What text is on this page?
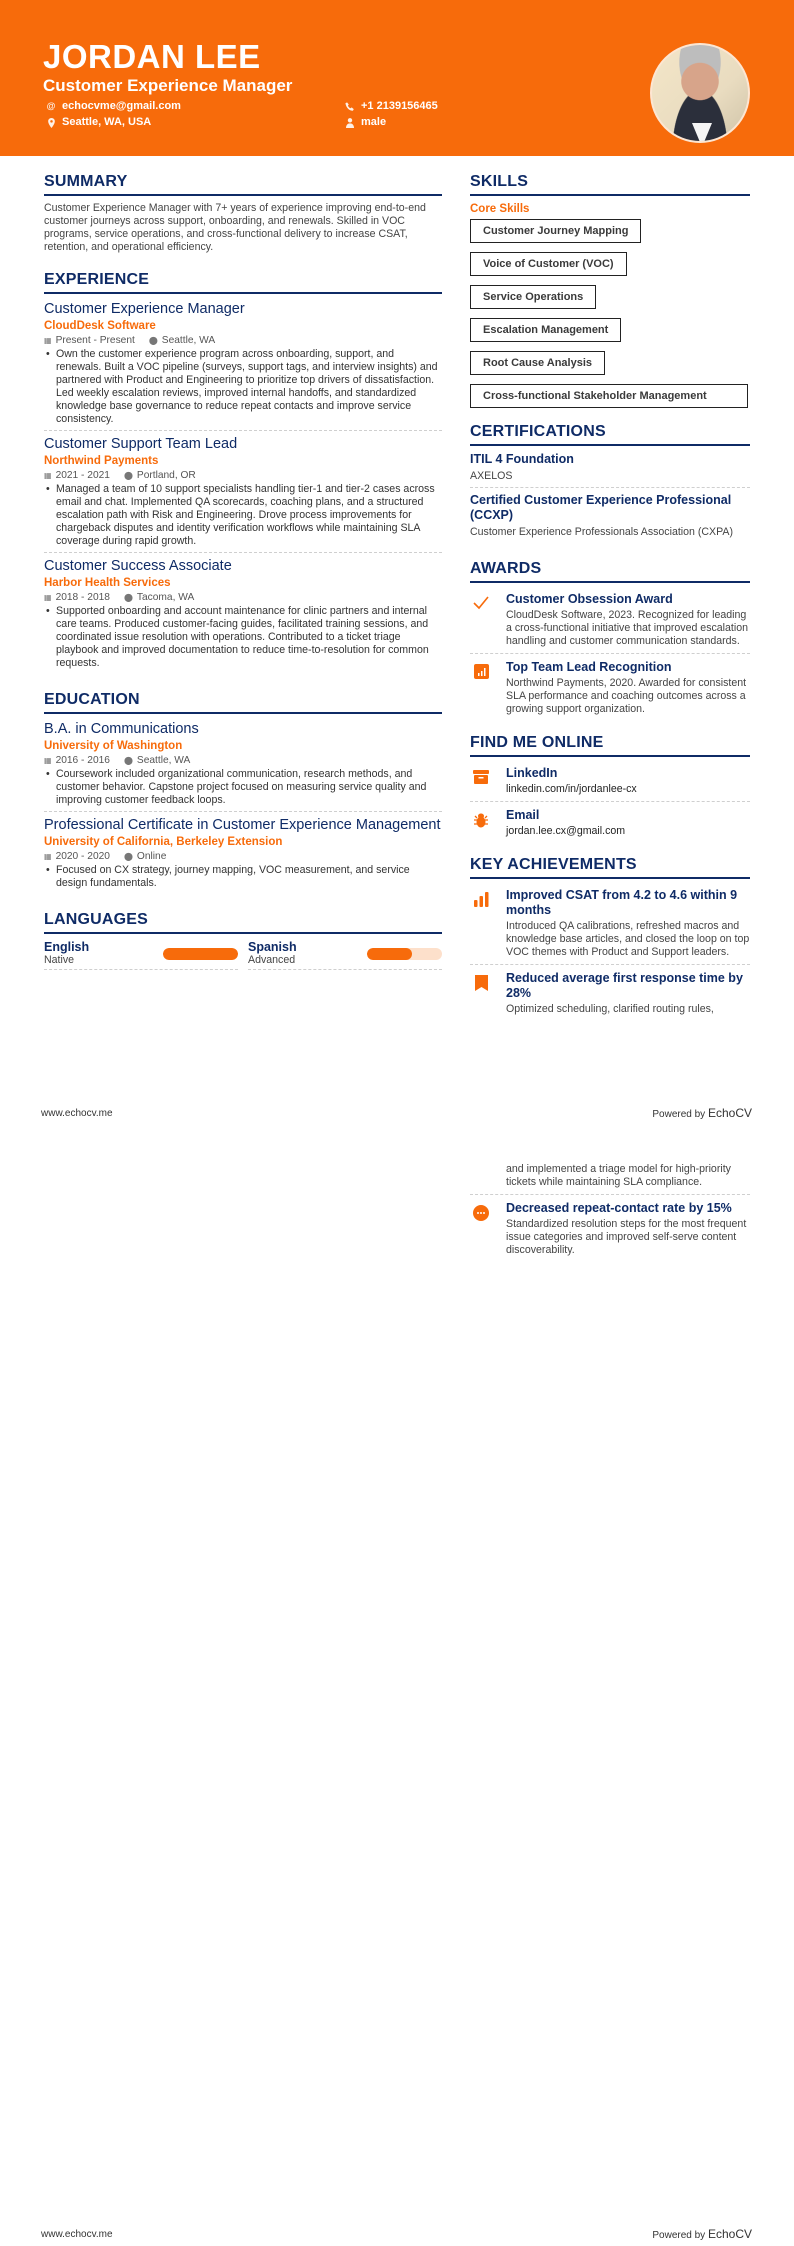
JORDAN LEE
Customer Experience Manager
@ echocvme@gmail.com
Seattle, WA, USA
+1 2139156465
male
SUMMARY
Customer Experience Manager with 7+ years of experience improving end-to-end customer journeys across support, onboarding, and renewals. Skilled in VOC programs, service operations, and cross-functional delivery to increase CSAT, retention, and operational efficiency.
EXPERIENCE
Customer Experience Manager
CloudDesk Software
▦ Present - Present ⬤ Seattle, WA
• Own the customer experience program across onboarding, support, and renewals. Built a VOC pipeline (surveys, support tags, and interview insights) and partnered with Product and Engineering to prioritize top drivers of dissatisfaction. Led weekly escalation reviews, improved internal handoffs, and standardized knowledge base governance to reduce repeat contacts and improve service consistency.
Customer Support Team Lead
Northwind Payments
▦ 2021 - 2021 ⬤ Portland, OR
• Managed a team of 10 support specialists handling tier-1 and tier-2 cases across email and chat. Implemented QA scorecards, coaching plans, and a structured escalation path with Risk and Engineering. Drove process improvements for chargeback disputes and identity verification workflows while maintaining SLA coverage during rapid growth.
Customer Success Associate
Harbor Health Services
▦ 2018 - 2018 ⬤ Tacoma, WA
• Supported onboarding and account maintenance for clinic partners and internal care teams. Produced customer-facing guides, facilitated training sessions, and coordinated issue resolution with operations. Contributed to a ticket triage playbook and improved documentation to reduce time-to-resolution for common requests.
EDUCATION
B.A. in Communications
University of Washington
▦ 2016 - 2016 ⬤ Seattle, WA
• Coursework included organizational communication, research methods, and customer behavior. Capstone project focused on measuring service quality and improving customer feedback loops.
Professional Certificate in Customer Experience Management
University of California, Berkeley Extension
▦ 2020 - 2020 ⬤ Online
• Focused on CX strategy, journey mapping, VOC measurement, and service design fundamentals.
LANGUAGES
English
Native
Spanish
Advanced
SKILLS
Core Skills
Customer Journey Mapping
Voice of Customer (VOC)
Service Operations
Escalation Management
Root Cause Analysis
Cross-functional Stakeholder Management
CERTIFICATIONS
ITIL 4 Foundation
AXELOS
Certified Customer Experience Professional (CCXP)
Customer Experience Professionals Association (CXPA)
AWARDS
Customer Obsession Award
CloudDesk Software, 2023. Recognized for leading a cross-functional initiative that improved escalation handling and customer communication standards.
Top Team Lead Recognition
Northwind Payments, 2020. Awarded for consistent SLA performance and coaching outcomes across a growing support organization.
FIND ME ONLINE
LinkedIn
linkedin.com/in/jordanlee-cx
Email
jordan.lee.cx@gmail.com
KEY ACHIEVEMENTS
Improved CSAT from 4.2 to 4.6 within 9 months
Introduced QA calibrations, refreshed macros and knowledge base articles, and closed the loop on top VOC themes with Product and Support leaders.
Reduced average first response time by 28%
Optimized scheduling, clarified routing rules,
www.echocv.me	Powered by EchoCV
and implemented a triage model for high-priority tickets while maintaining SLA compliance.
Decreased repeat-contact rate by 15%
Standardized resolution steps for the most frequent issue categories and improved self-serve content discoverability.
www.echocv.me	Powered by EchoCV
